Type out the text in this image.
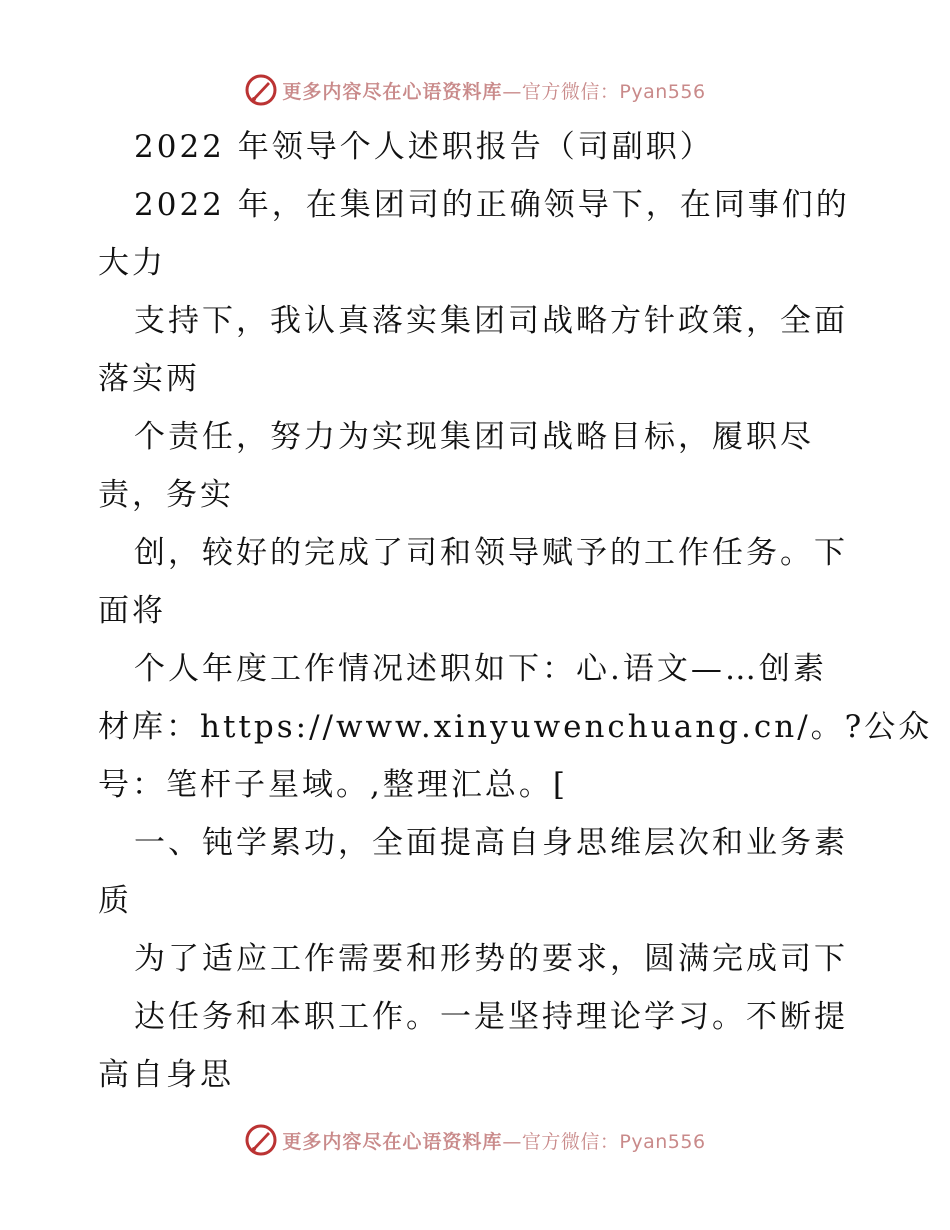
更多内容尽在心语资料库 —官方微信：Pyan556
2022 年领导个人述职报告（司副职）
2022 年，在集团司的正确领导下，在同事们的
大力
支持下，我认真落实集团司战略方针政策，全面
落实两
个责任，努力为实现集团司战略目标，履职尽
责，务实
创，较好的完成了司和领导赋予的工作任务。下
面将
个人年度工作情况述职如下：心.语文—…创素
材库：https://www.xinyuwenchuang.cn/。?公众
号：笔杆子星域。,整理汇总。[
一、钝学累功，全面提高自身思维层次和业务素
质
为了适应工作需要和形势的要求，圆满完成司下
达任务和本职工作。一是坚持理论学习。不断提
高自身思
更多内容尽在心语资料库 —官方微信：Pyan556
